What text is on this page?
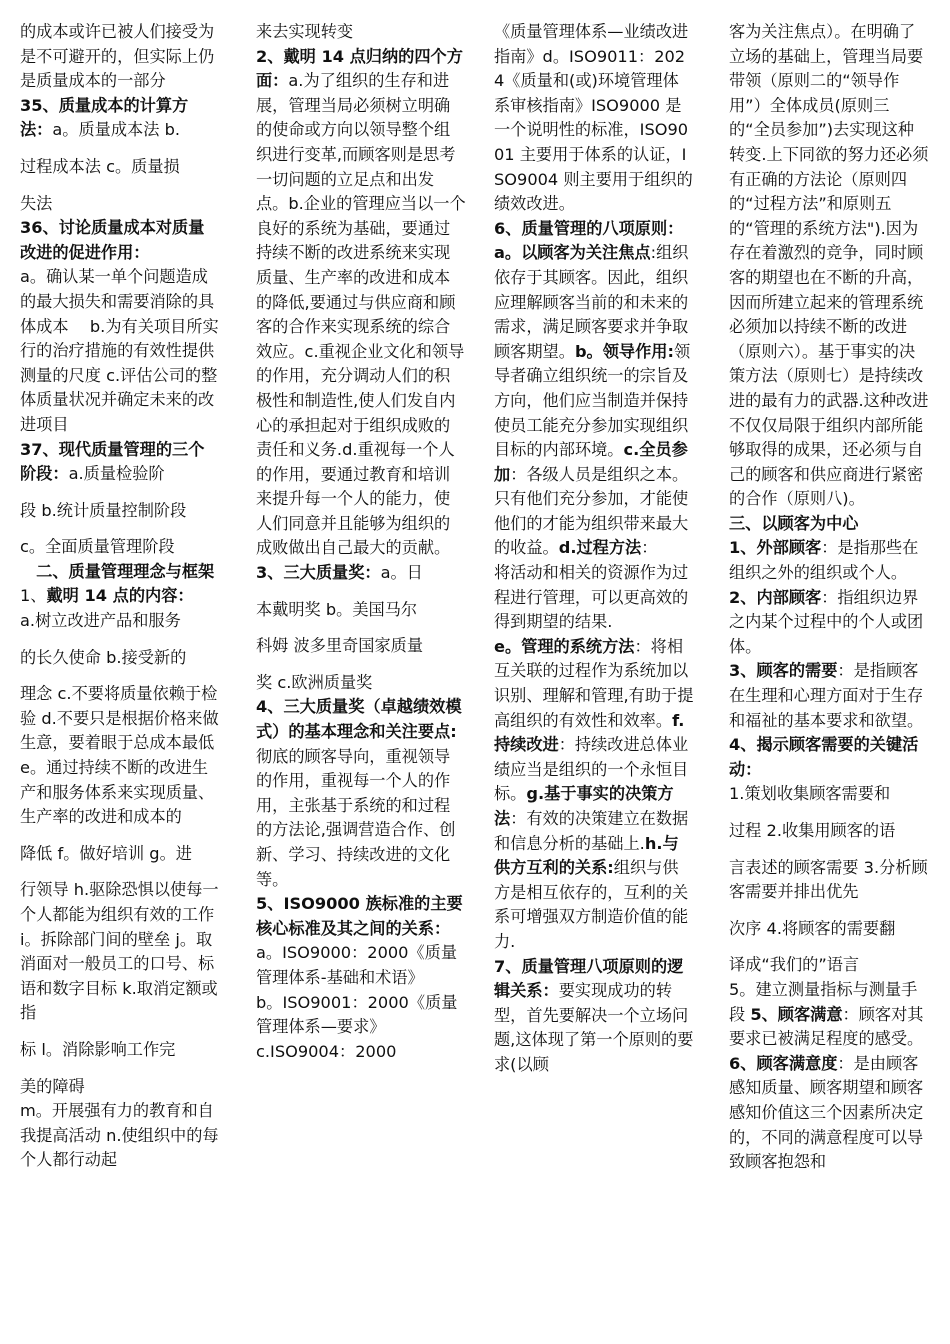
的成本或许已被人们接受为是不可避开的，但实际上仍是质量成本的一部分
35、质量成本的计算方法：a。质量成本法 b.
过程成本法 c。质量损
失法
36、讨论质量成本对质量改进的促进作用：
a。确认某一单个问题造成的最大损失和需要消除的具体成本　 b.为有关项目所实行的治疗措施的有效性提供测量的尺度 c.评估公司的整体质量状况并确定未来的改进项目
37、现代质量管理的三个阶段：a.质量检验阶
段 b.统计质量控制阶段
c。全面质量管理阶段
　二、质量管理理念与框架 1、戴明 14 点的内容：
a.树立改进产品和服务
的长久使命 b.接受新的
理念 c.不要将质量依赖于检验 d.不要只是根据价格来做生意，要着眼于总成本最低 e。通过持续不断的改进生产和服务体系来实现质量、生产率的改进和成本的
降低 f。做好培训 g。进
行领导 h.驱除恐惧以使每一个人都能为组织有效的工作 i。拆除部门间的壁垒 j。取消面对一般员工的口号、标语和数字目标 k.取消定额或指
标 l。消除影响工作完
美的障碍
m。开展强有力的教育和自我提高活动 n.使组织中的每个人都行动起
来去实现转变
2、戴明 14 点归纳的四个方面：a.为了组织的生存和进展，管理当局必须树立明确的使命或方向以领导整个组织进行变革,而顾客则是思考一切问题的立足点和出发点。b.企业的管理应当以一个良好的系统为基础，要通过持续不断的改进系统来实现质量、生产率的改进和成本的降低,要通过与供应商和顾客的合作来实现系统的综合效应。c.重视企业文化和领导的作用，充分调动人们的积极性和制造性,使人们发自内心的承担起对于组织成败的责任和义务.d.重视每一个人的作用，要通过教育和培训来提升每一个人的能力，使人们同意并且能够为组织的成败做出自己最大的贡献。
3、三大质量奖：a。日
本戴明奖 b。美国马尔
科姆 波多里奇国家质量
奖 c.欧洲质量奖
4、三大质量奖（卓越绩效模式）的基本理念和关注要点:彻底的顾客导向，重视领导的作用，重视每一个人的作用，主张基于系统的和过程的方法论,强调营造合作、创新、学习、持续改进的文化等。
5、ISO9000 族标准的主要核心标准及其之间的关系：
a。ISO9000：2000《质量管理体系-基础和术语》
b。ISO9001：2000《质量管理体系—要求》
c.ISO9004：2000
《质量管理体系—业绩改进指南》d。ISO9011：2024《质量和(或)环境管理体系审核指南》ISO9000 是一个说明性的标准，ISO9001 主要用于体系的认证，ISO9004 则主要用于组织的绩效改进。
6、质量管理的八项原则：
a。以顾客为关注焦点:组织依存于其顾客。因此，组织应理解顾客当前的和未来的需求，满足顾客要求并争取顾客期望。b。领导作用:领导者确立组织统一的宗旨及方向，他们应当制造并保持使员工能充分参加实现组织目标的内部环境。c.全员参加：各级人员是组织之本。只有他们充分参加，才能使他们的才能为组织带来最大的收益。d.过程方法：
将活动和相关的资源作为过程进行管理，可以更高效的得到期望的结果.
e。管理的系统方法：将相互关联的过程作为系统加以识别、理解和管理,有助于提高组织的有效性和效率。f.持续改进：持续改进总体业绩应当是组织的一个永恒目标。g.基于事实的决策方法：有效的决策建立在数据和信息分析的基础上.h.与供方互利的关系:组织与供方是相互依存的，互利的关系可增强双方制造价值的能力.
7、质量管理八项原则的逻辑关系：要实现成功的转型，首先要解决一个立场问题,这体现了第一个原则的要求(以顾
客为关注焦点）。在明确了立场的基础上，管理当局要带领（原则二的“领导作用”）全体成员(原则三的“全员参加”)去实现这种转变.上下同欲的努力还必须有正确的方法论（原则四的“过程方法”和原则五的“管理的系统方法").因为存在着激烈的竞争，同时顾客的期望也在不断的升高，因而所建立起来的管理系统必须加以持续不断的改进（原则六）。基于事实的决策方法（原则七）是持续改进的最有力的武器.这种改进不仅仅局限于组织内部所能够取得的成果，还必须与自己的顾客和供应商进行紧密的合作（原则八)。
三、以顾客为中心
1、外部顾客：是指那些在组织之外的组织或个人。2、内部顾客：指组织边界之内某个过程中的个人或团体。
3、顾客的需要：是指顾客在生理和心理方面对于生存和福祉的基本要求和欲望。4、揭示顾客需要的关键活动：
1.策划收集顾客需要和
过程 2.收集用顾客的语
言表述的顾客需要 3.分析顾客需要并排出优先
次序 4.将顾客的需要翻
译成“我们的”语言
5。建立测量指标与测量手段 5、顾客满意：顾客对其要求已被满足程度的感受。6、顾客满意度：是由顾客感知质量、顾客期望和顾客感知价值这三个因素所决定的，不同的满意程度可以导致顾客抱怨和
